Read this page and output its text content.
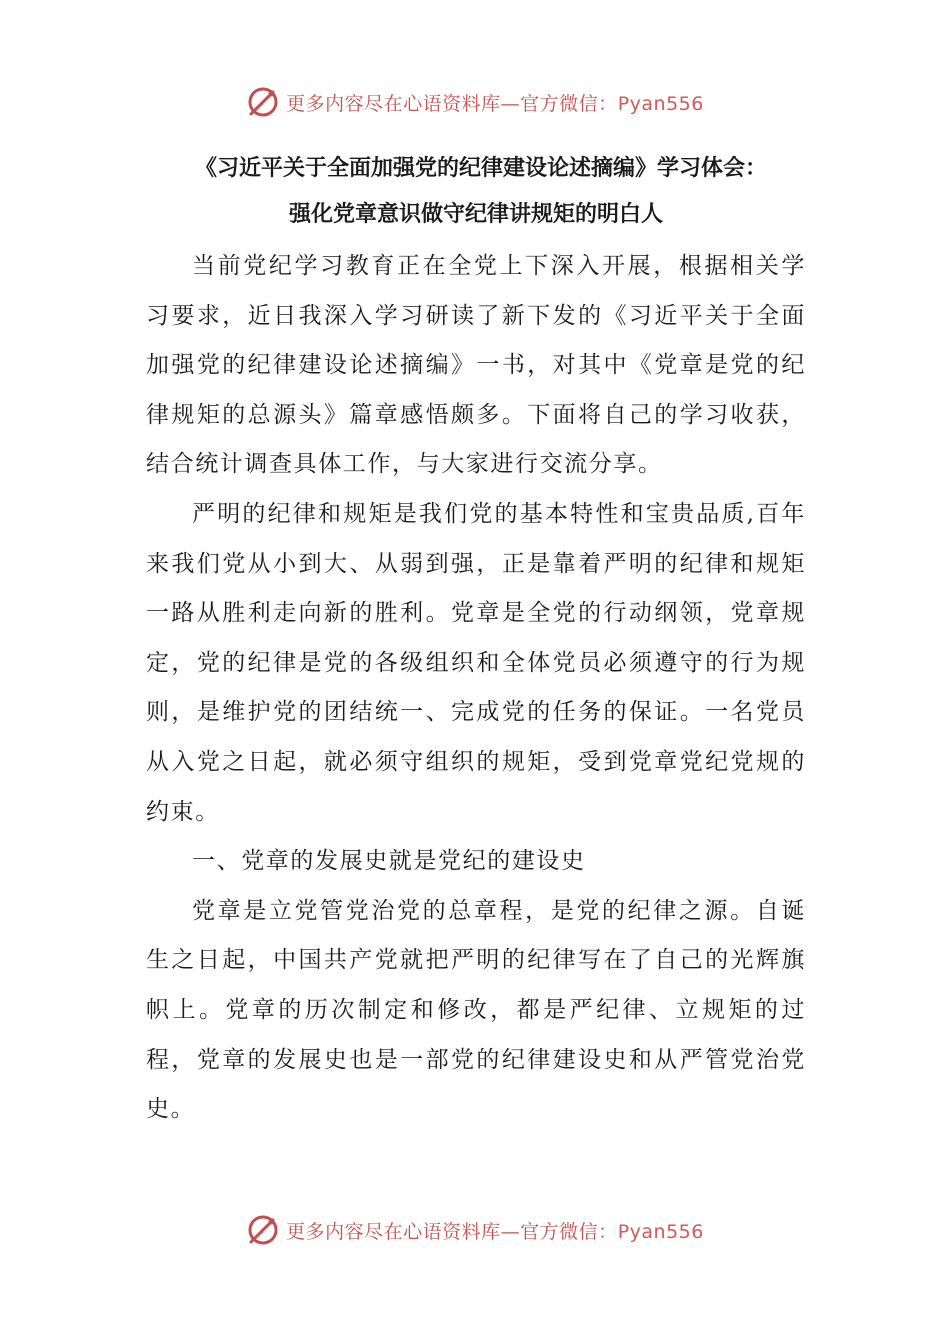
更多内容尽在心语资料库—官方微信：Pyan556

《习近平关于全面加强党的纪律建设论述摘编》学习体会：

强化党章意识做守纪律讲规矩的明白人

当前党纪学习教育正在全党上下深入开展，根据相关学习要求，近日我深入学习研读了新下发的《习近平关于全面加强党的纪律建设论述摘编》一书，对其中《党章是党的纪律规矩的总源头》篇章感悟颇多。下面将自己的学习收获，结合统计调查具体工作，与大家进行交流分享。

严明的纪律和规矩是我们党的基本特性和宝贵品质,百年来我们党从小到大、从弱到强，正是靠着严明的纪律和规矩一路从胜利走向新的胜利。党章是全党的行动纲领，党章规定，党的纪律是党的各级组织和全体党员必须遵守的行为规则，是维护党的团结统一、完成党的任务的保证。一名党员从入党之日起，就必须守组织的规矩，受到党章党纪党规的约束。

一、党章的发展史就是党纪的建设史

党章是立党管党治党的总章程，是党的纪律之源。自诞生之日起，中国共产党就把严明的纪律写在了自己的光辉旗帜上。党章的历次制定和修改，都是严纪律、立规矩的过程，党章的发展史也是一部党的纪律建设史和从严管党治党史。

更多内容尽在心语资料库—官方微信：Pyan556
